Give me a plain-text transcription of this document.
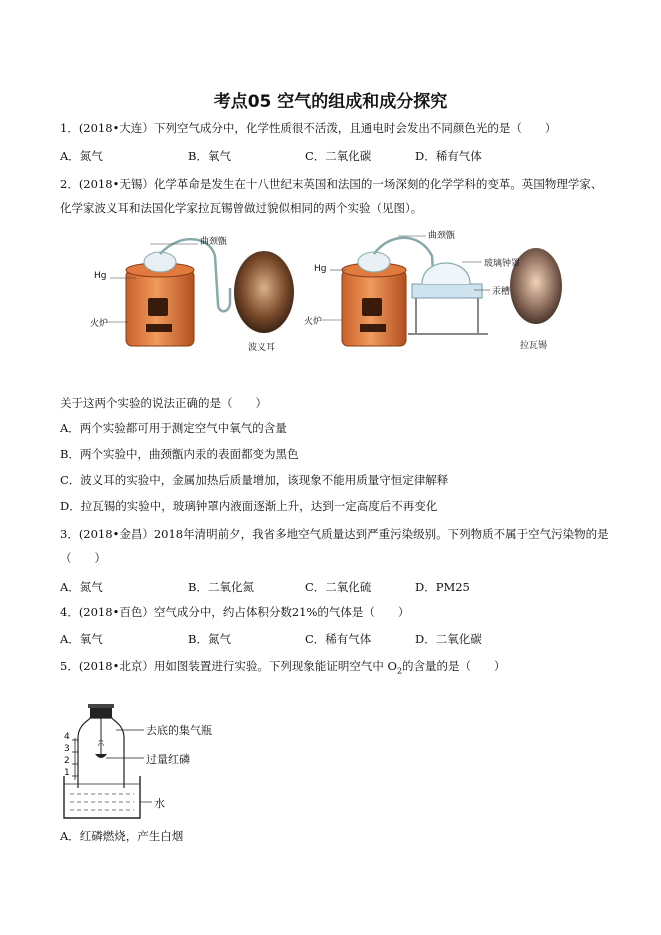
考点05 空气的组成和成分探究
1．(2018•大连）下列空气成分中，化学性质很不活泼，且通电时会发出不同颜色光的是（　　）
A．氮气	B．氧气	C．二氧化碳	D．稀有气体
2．(2018•无锡）化学革命是发生在十八世纪末英国和法国的一场深刻的化学学科的变革。英国物理学家、
化学家波义耳和法国化学家拉瓦锡曾做过貌似相同的两个实验（见图）。
曲颈甑
Hg
火炉
波义耳
曲颈甑
Hg
火炉
玻璃钟罩
汞槽
拉瓦锡
关于这两个实验的说法正确的是（　　）
A．两个实验都可用于测定空气中氧气的含量
B．两个实验中，曲颈甑内汞的表面都变为黑色
C．波义耳的实验中，金属加热后质量增加，该现象不能用质量守恒定律解释
D．拉瓦锡的实验中，玻璃钟罩内液面逐渐上升，达到一定高度后不再变化
3．(2018•金昌）2018年清明前夕，我省多地空气质量达到严重污染级别。下列物质不属于空气污染物的是
（　　）
A．氮气	B．二氧化氮	C．二氧化硫	D．PM25
4．(2018•百色）空气成分中，约占体积分数21%的气体是（　　）
A．氧气	B．氮气	C．稀有气体	D．二氧化碳
5．(2018•北京）用如图装置进行实验。下列现象能证明空气中 $O_2$的含量的是（　　）
去底的集气瓶
过量红磷
水
4
3
2
1
A．红磷燃烧，产生白烟
